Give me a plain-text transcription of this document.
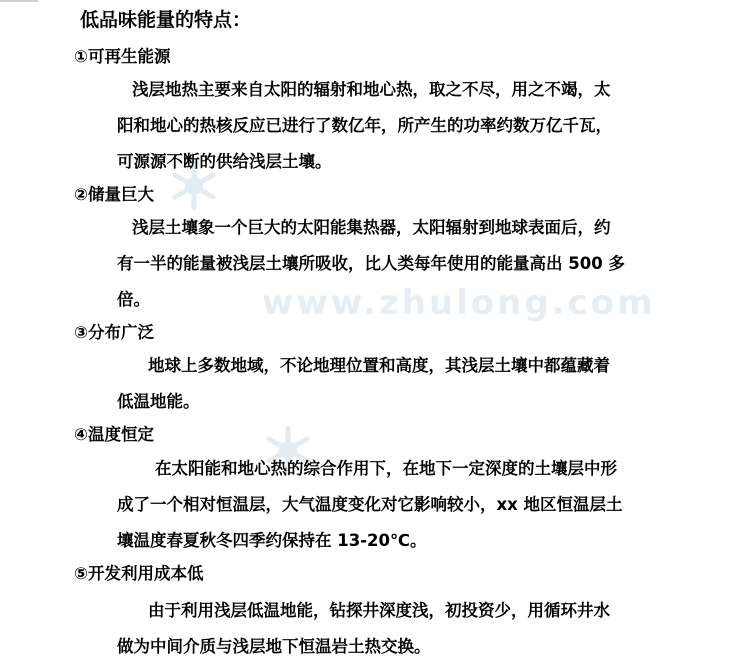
www.zhulong.com
低品味能量的特点：
①可再生能源
浅层地热主要来自太阳的辐射和地心热，取之不尽，用之不竭，太
阳和地心的热核反应已进行了数亿年，所产生的功率约数万亿千瓦，
可源源不断的供给浅层土壤。
②储量巨大
浅层土壤象一个巨大的太阳能集热器，太阳辐射到地球表面后，约
有一半的能量被浅层土壤所吸收，比人类每年使用的能量高出 500 多
倍。
③分布广泛
地球上多数地域，不论地理位置和高度，其浅层土壤中都蕴藏着
低温地能。
④温度恒定
在太阳能和地心热的综合作用下，在地下一定深度的土壤层中形
成了一个相对恒温层，大气温度变化对它影响较小，xx 地区恒温层土
壤温度春夏秋冬四季约保持在 13-20℃。
⑤开发利用成本低
由于利用浅层低温地能，钻探井深度浅，初投资少，用循环井水
做为中间介质与浅层地下恒温岩土热交换。
